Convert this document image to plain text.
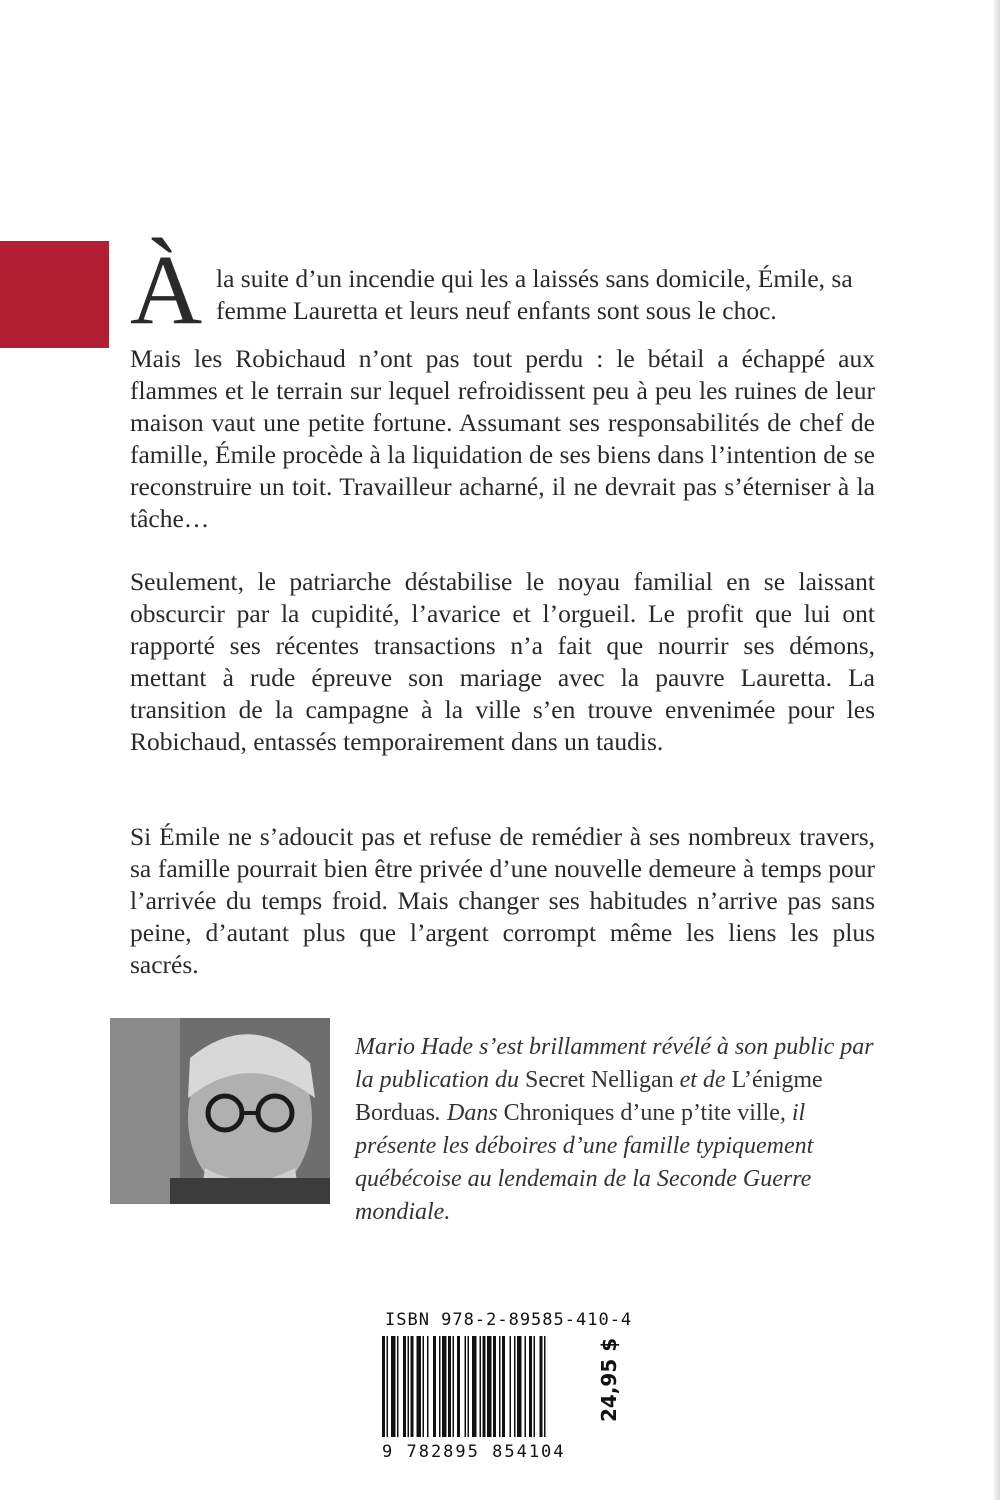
À la suite d’un incendie qui les a laissés sans domicile, Émile, sa
femme Lauretta et leurs neuf enfants sont sous le choc.

Mais les Robichaud n’ont pas tout perdu : le bétail a échappé aux flammes et le terrain sur lequel refroidissent peu à peu les ruines de leur maison vaut une petite fortune. Assumant ses responsabilités de chef de famille, Émile procède à la liquidation de ses biens dans l’intention de se reconstruire un toit. Travailleur acharné, il ne devrait pas s’éterniser à la tâche…

Seulement, le patriarche déstabilise le noyau familial en se laissant obscurcir par la cupidité, l’avarice et l’orgueil. Le profit que lui ont rapporté ses récentes transactions n’a fait que nourrir ses démons, mettant à rude épreuve son mariage avec la pauvre Lauretta. La transition de la campagne à la ville s’en trouve envenimée pour les Robichaud, entassés temporairement dans un taudis.

Si Émile ne s’adoucit pas et refuse de remédier à ses nombreux travers, sa famille pourrait bien être privée d’une nouvelle demeure à temps pour l’arrivée du temps froid. Mais changer ses habitudes n’arrive pas sans peine, d’autant plus que l’argent corrompt même les liens les plus sacrés.

Mario Hade s’est brillamment révélé à son public par la publication du Secret Nelligan et de L’énigme Borduas. Dans Chroniques d’une p’tite ville, il présente les déboires d’une famille typiquement québécoise au lendemain de la Seconde Guerre mondiale.

ISBN 978-2-89585-410-4
9 782895 854104
24,95 $
